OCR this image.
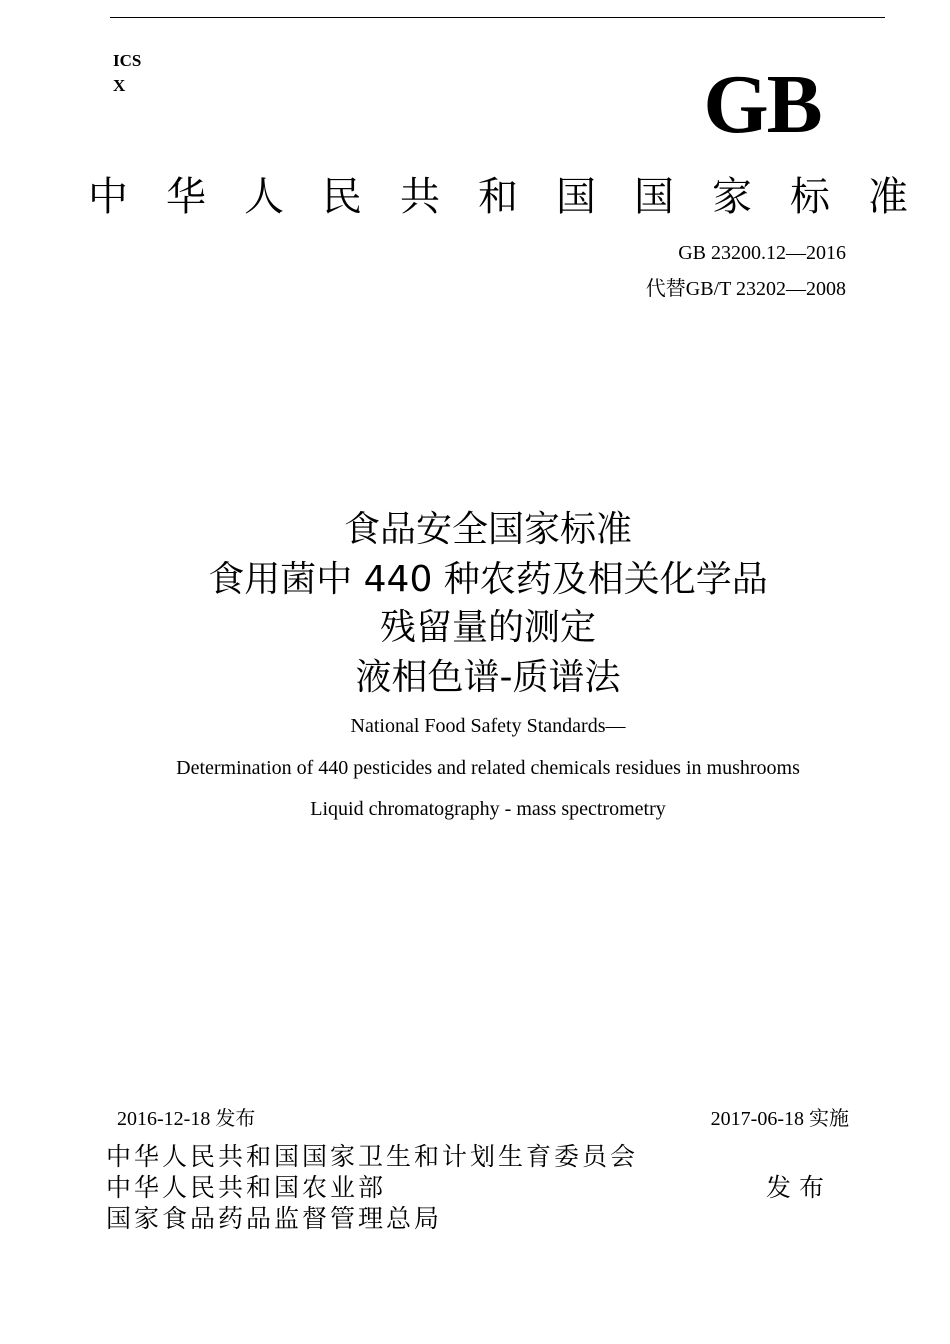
ICS
X	GB
中华人民共和国国家标准
GB 23200.12—2016
代替GB/T 23202—2008
食品安全国家标准
食用菌中 440 种农药及相关化学品
残留量的测定
液相色谱-质谱法
National Food Safety Standards—
Determination of 440 pesticides and related chemicals residues in mushrooms
Liquid chromatography - mass spectrometry
2016-12-18 发布	2017-06-18 实施
中华人民共和国国家卫生和计划生育委员会
中华人民共和国农业部
国家食品药品监督管理总局
发布
